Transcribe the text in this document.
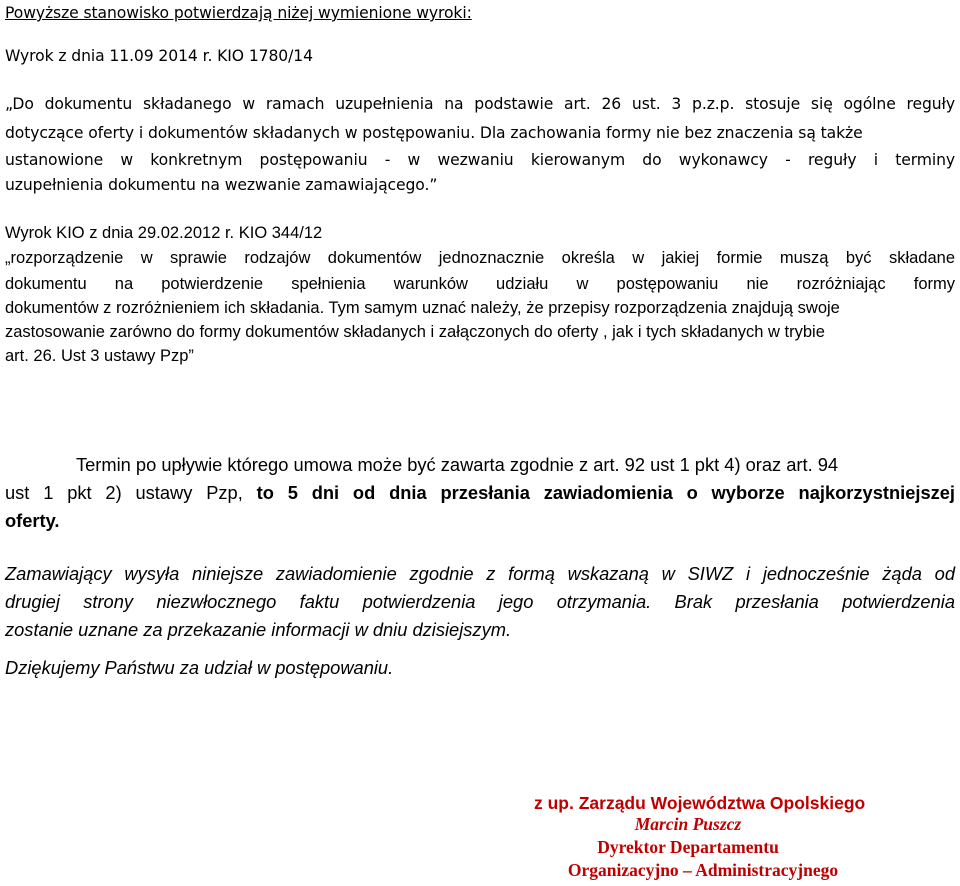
Powyższe stanowisko potwierdzają niżej wymienione wyroki:
Wyrok z dnia 11.09 2014 r. KIO 1780/14
„Do dokumentu składanego w ramach uzupełnienia na podstawie art. 26 ust. 3 p.z.p. stosuje się ogólne reguły
dotyczące oferty i dokumentów składanych w postępowaniu. Dla zachowania formy nie bez znaczenia są także
ustanowione w konkretnym postępowaniu - w wezwaniu kierowanym do wykonawcy - reguły i terminy
uzupełnienia dokumentu na wezwanie zamawiającego.”
Wyrok KIO z dnia 29.02.2012 r. KIO 344/12
„rozporządzenie w sprawie rodzajów dokumentów jednoznacznie określa w jakiej formie muszą być składane
dokumentu na potwierdzenie spełnienia warunków udziału w postępowaniu nie rozróżniając formy
dokumentów z rozróżnieniem ich składania. Tym samym uznać należy, że przepisy rozporządzenia znajdują swoje
zastosowanie zarówno do formy dokumentów składanych i załączonych do oferty , jak i tych składanych w trybie
art. 26. Ust 3 ustawy Pzp”
Termin po upływie którego umowa może być zawarta zgodnie z art. 92 ust 1 pkt 4) oraz art. 94
ust 1 pkt 2) ustawy Pzp, to 5 dni od dnia przesłania zawiadomienia o wyborze najkorzystniejszej
oferty.
Zamawiający wysyła niniejsze zawiadomienie zgodnie z formą wskazaną w SIWZ i jednocześnie żąda od
drugiej strony niezwłocznego faktu potwierdzenia jego otrzymania. Brak przesłania potwierdzenia
zostanie uznane za przekazanie informacji w dniu dzisiejszym.
Dziękujemy Państwu za udział w postępowaniu.
z up. Zarządu Województwa Opolskiego
Marcin Puszcz
Dyrektor Departamentu
Organizacyjno – Administracyjnego
